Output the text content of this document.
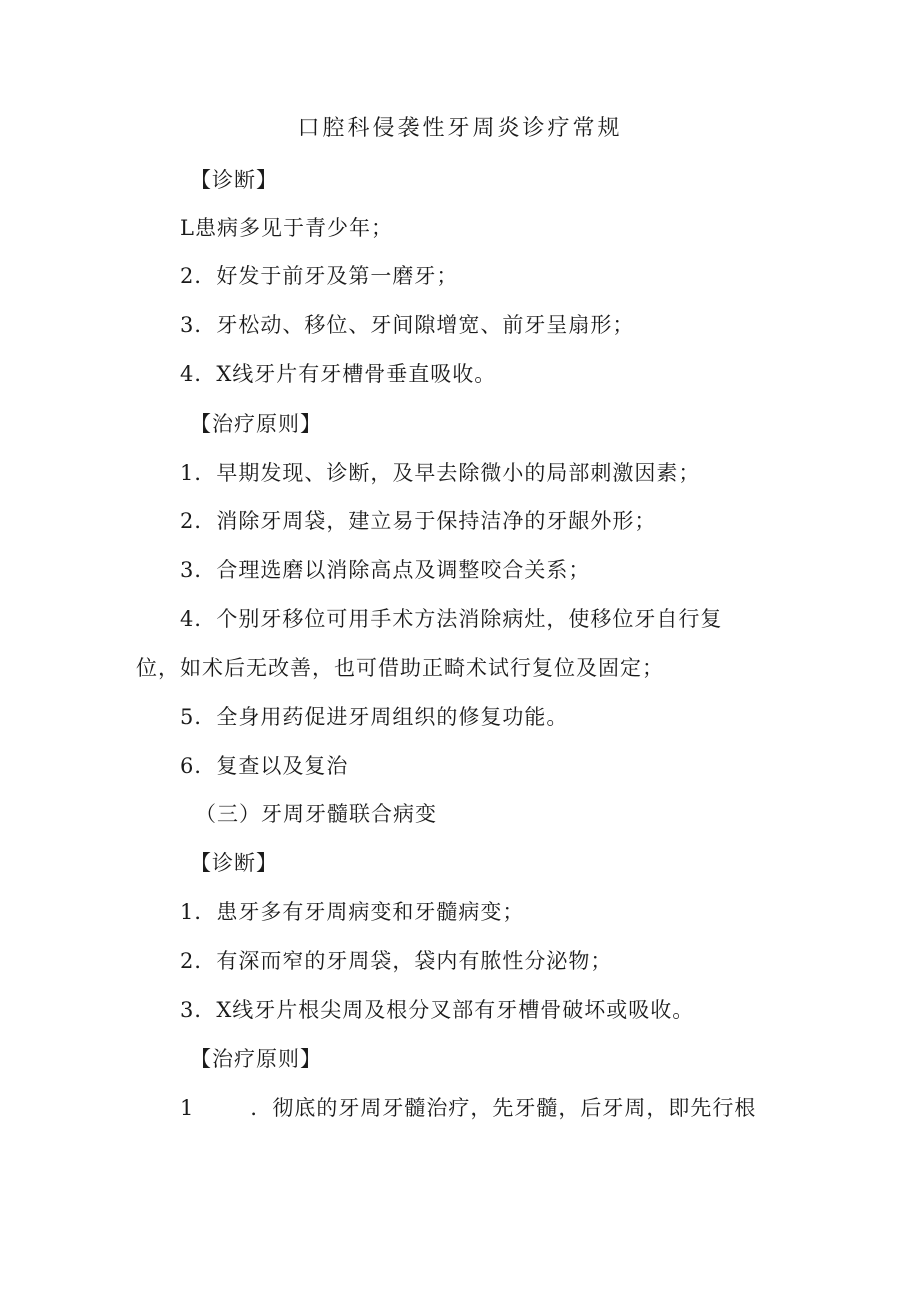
口腔科侵袭性牙周炎诊疗常规
【诊断】
L患病多见于青少年；
2．好发于前牙及第一磨牙；
3．牙松动、移位、牙间隙增宽、前牙呈扇形；
4．X线牙片有牙槽骨垂直吸收。
【治疗原则】
1．早期发现、诊断，及早去除微小的局部刺激因素；
2．消除牙周袋，建立易于保持洁净的牙龈外形；
3．合理选磨以消除高点及调整咬合关系；
4．个别牙移位可用手术方法消除病灶，使移位牙自行复
位，如术后无改善，也可借助正畸术试行复位及固定；
5．全身用药促进牙周组织的修复功能。
6．复查以及复治
（三）牙周牙髓联合病变
【诊断】
1．患牙多有牙周病变和牙髓病变；
2．有深而窄的牙周袋，袋内有脓性分泌物；
3．X线牙片根尖周及根分叉部有牙槽骨破坏或吸收。
【治疗原则】
1	．彻底的牙周牙髓治疗，先牙髓，后牙周，即先行根
